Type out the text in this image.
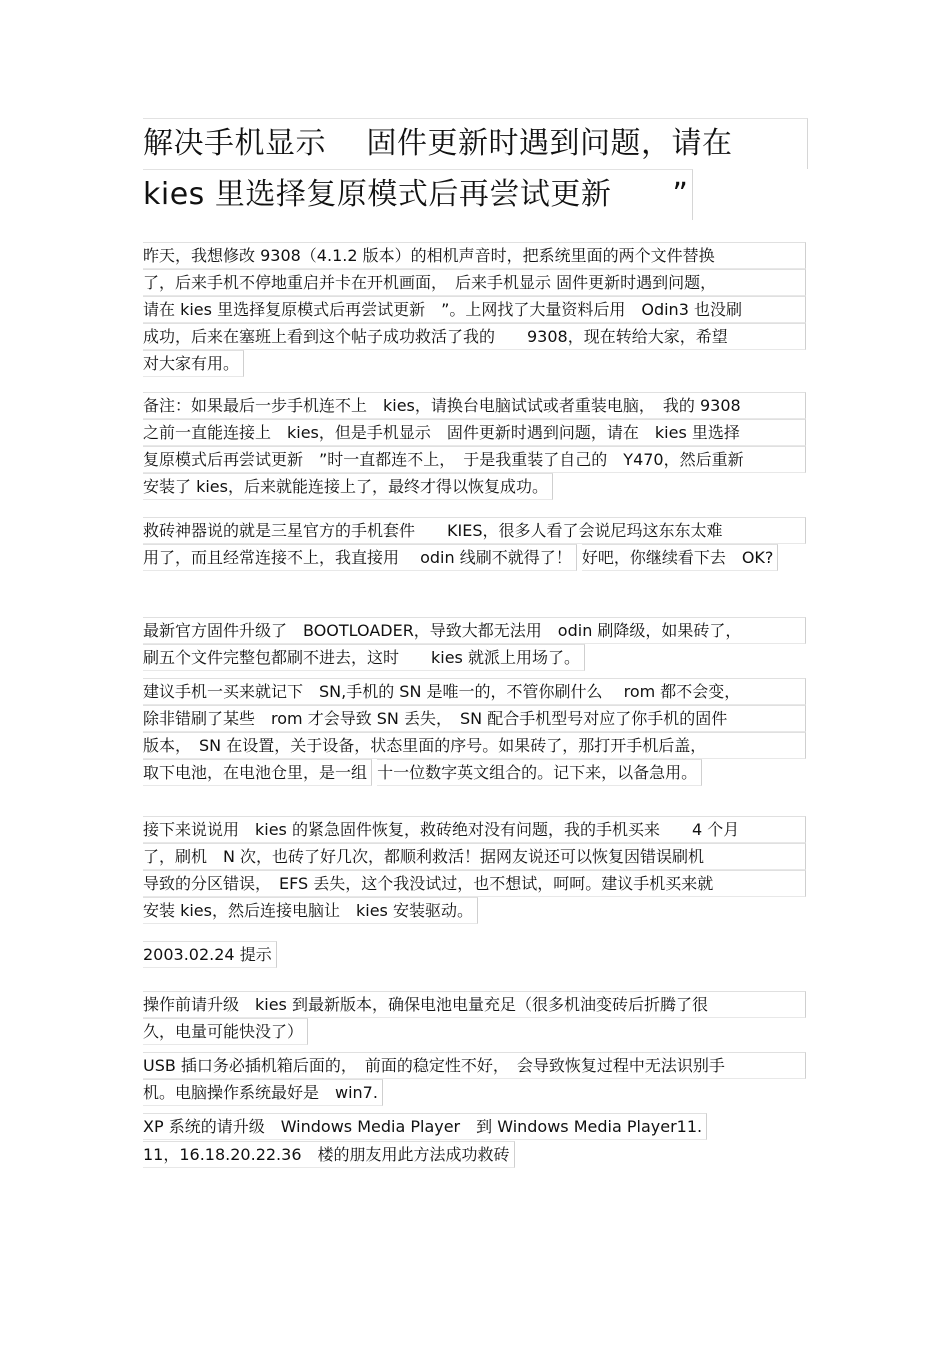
解决手机显示　 固件更新时遇到问题，请在
kies 里选择复原模式后再尝试更新　　”
昨天，我想修改 9308（4.1.2 版本）的相机声音时，把系统里面的两个文件替换
了，后来手机不停地重启并卡在开机画面，　后来手机显示 固件更新时遇到问题，
请在 kies 里选择复原模式后再尝试更新　”。上网找了大量资料后用　Odin3 也没刷
成功，后来在塞班上看到这个帖子成功救活了我的　　9308，现在转给大家，希望
对大家有用。
备注：如果最后一步手机连不上　kies，请换台电脑试试或者重装电脑，　我的 9308
之前一直能连接上　kies，但是手机显示　固件更新时遇到问题，请在　kies 里选择
复原模式后再尝试更新　”时一直都连不上，　于是我重装了自己的　Y470，然后重新
安装了 kies，后来就能连接上了，最终才得以恢复成功。
救砖神器说的就是三星官方的手机套件　　KIES，很多人看了会说尼玛这东东太难
用了，而且经常连接不上，我直接用　 odin 线刷不就得了！ 好吧，你继续看下去　OK?
最新官方固件升级了　BOOTLOADER，导致大都无法用　odin 刷降级，如果砖了，
刷五个文件完整包都刷不进去，这时　　kies 就派上用场了。
建议手机一买来就记下　SN,手机的 SN 是唯一的，不管你刷什么　 rom 都不会变，
除非错刷了某些　rom 才会导致 SN 丢失，　SN 配合手机型号对应了你手机的固件
版本，　SN 在设置，关于设备，状态里面的序号。如果砖了，那打开手机后盖，
取下电池，在电池仓里，是一组 十一位数字英文组合的。记下来，以备急用。
接下来说说用　kies 的紧急固件恢复，救砖绝对没有问题，我的手机买来　　4 个月
了，刷机　N 次，也砖了好几次，都顺利救活！据网友说还可以恢复因错误刷机
导致的分区错误，　EFS 丢失，这个我没试过，也不想试，呵呵。建议手机买来就
安装 kies，然后连接电脑让　kies 安装驱动。
2003.02.24 提示
操作前请升级　kies 到最新版本，确保电池电量充足（很多机油变砖后折腾了很
久，电量可能快没了）
USB 插口务必插机箱后面的，　前面的稳定性不好，　会导致恢复过程中无法识别手
机。电脑操作系统最好是　win7. XP 系统的请升级　Windows Media Player　到 Windows Media Player11.
11，16.18.20.22.36　楼的朋友用此方法成功救砖
